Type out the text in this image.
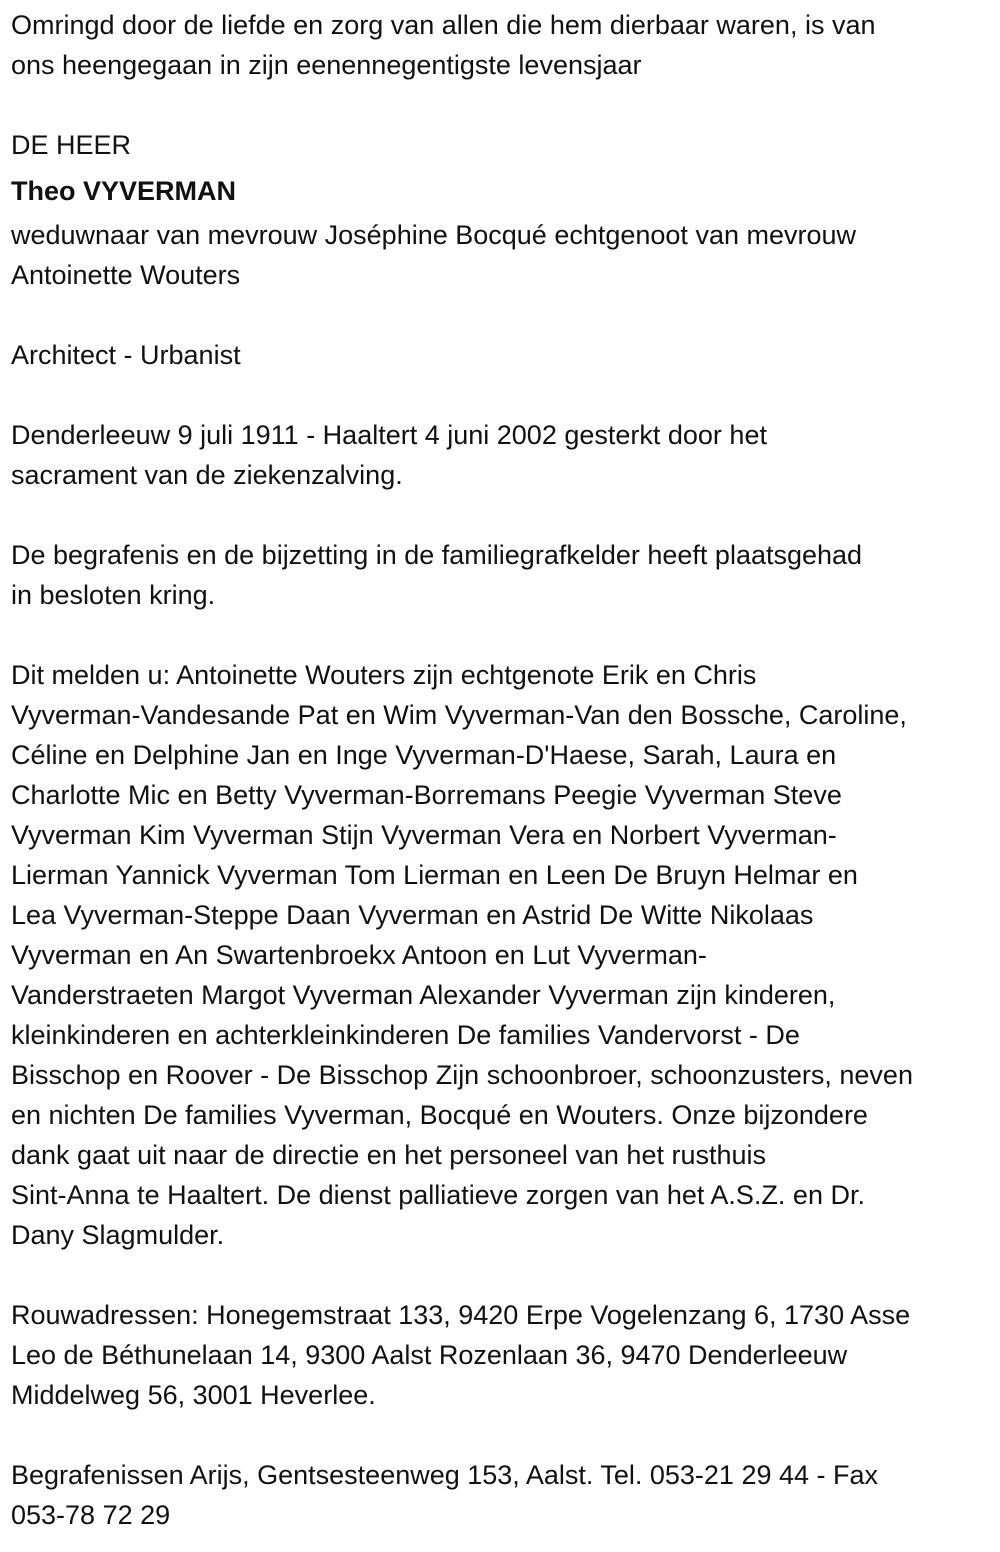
Omringd door de liefde en zorg van allen die hem dierbaar waren, is van
ons heengegaan in zijn eenennegentigste levensjaar
DE HEER
Theo VYVERMAN
weduwnaar van mevrouw Joséphine Bocqué echtgenoot van mevrouw
Antoinette Wouters
Architect - Urbanist
Denderleeuw 9 juli 1911 - Haaltert 4 juni 2002 gesterkt door het
sacrament van de ziekenzalving.
De begrafenis en de bijzetting in de familiegrafkelder heeft plaatsgehad
in besloten kring.
Dit melden u: Antoinette Wouters zijn echtgenote Erik en Chris
Vyverman-Vandesande Pat en Wim Vyverman-Van den Bossche, Caroline,
Céline en Delphine Jan en Inge Vyverman-D'Haese, Sarah, Laura en
Charlotte Mic en Betty Vyverman-Borremans Peegie Vyverman Steve
Vyverman Kim Vyverman Stijn Vyverman Vera en Norbert Vyverman-
Lierman Yannick Vyverman Tom Lierman en Leen De Bruyn Helmar en
Lea Vyverman-Steppe Daan Vyverman en Astrid De Witte Nikolaas
Vyverman en An Swartenbroekx Antoon en Lut Vyverman-
Vanderstraeten Margot Vyverman Alexander Vyverman zijn kinderen,
kleinkinderen en achterkleinkinderen De families Vandervorst - De
Bisschop en Roover - De Bisschop Zijn schoonbroer, schoonzusters, neven
en nichten De families Vyverman, Bocqué en Wouters. Onze bijzondere
dank gaat uit naar de directie en het personeel van het rusthuis
Sint-Anna te Haaltert. De dienst palliatieve zorgen van het A.S.Z. en Dr.
Dany Slagmulder.
Rouwadressen: Honegemstraat 133, 9420 Erpe Vogelenzang 6, 1730 Asse
Leo de Béthunelaan 14, 9300 Aalst Rozenlaan 36, 9470 Denderleeuw
Middelweg 56, 3001 Heverlee.
Begrafenissen Arijs, Gentsesteenweg 153, Aalst. Tel. 053-21 29 44 - Fax
053-78 72 29
